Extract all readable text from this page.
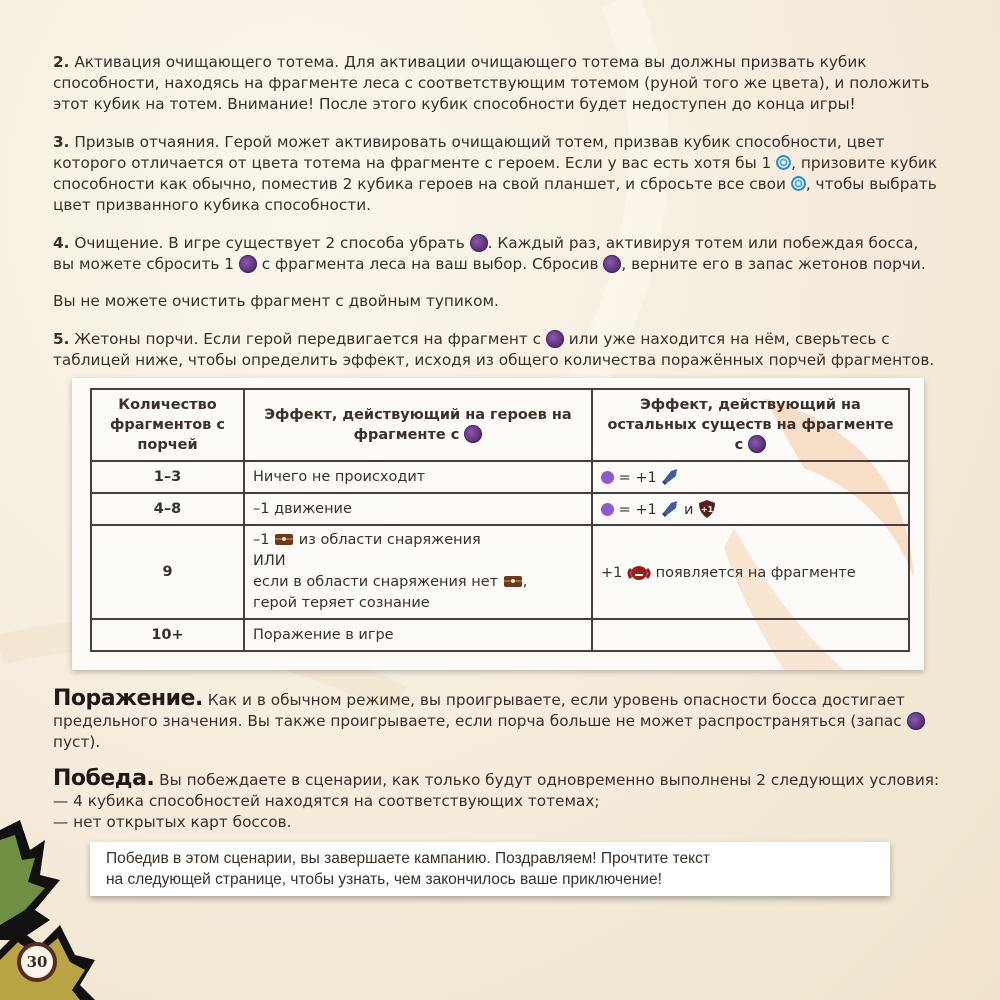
2. Активация очищающего тотема. Для активации очищающего тотема вы должны призвать кубик способности, находясь на фрагменте леса с соответствующим тотемом (руной того же цвета), и положить этот кубик на тотем. Внимание! После этого кубик способности будет недоступен до конца игры!
3. Призыв отчаяния. Герой может активировать очищающий тотем, призвав кубик способности, цвет которого отличается от цвета тотема на фрагменте с героем. Если у вас есть хотя бы 1 , призовите кубик способности как обычно, поместив 2 кубика героев на свой планшет, и сбросьте все свои , чтобы выбрать цвет призванного кубика способности.
4. Очищение. В игре существует 2 способа убрать . Каждый раз, активируя тотем или побеждая босса, вы можете сбросить 1 с фрагмента леса на ваш выбор. Сбросив , верните его в запас жетонов порчи.
Вы не можете очистить фрагмент с двойным тупиком.
5. Жетоны порчи. Если герой передвигается на фрагмент с или уже находится на нём, сверьтесь с таблицей ниже, чтобы определить эффект, исходя из общего количества поражённых порчей фрагментов.
Количество фрагментов с порчей	Эффект, действующий на героев на фрагменте с	Эффект, действующий на остальных существ на фрагменте с
1–3	Ничего не происходит	= +1
4–8	–1 движение	= +1 и +1

9	–1 из области снаряжения
ИЛИ
если в области снаряжения нет ,
герой теряет сознание	+1 появляется на фрагменте
10+	Поражение в игре	
Поражение. Как и в обычном режиме, вы проигрываете, если уровень опасности босса достигает предельного значения. Вы также проигрываете, если порча больше не может распространяться (запас  пуст).
Победа. Вы побеждаете в сценарии, как только будут одновременно выполнены 2 следующих условия:
— 4 кубика способностей находятся на соответствующих тотемах;
— нет открытых карт боссов.
Победив в этом сценарии, вы завершаете кампанию. Поздравляем! Прочтите текст
на следующей странице, чтобы узнать, чем закончилось ваше приключение!
30
